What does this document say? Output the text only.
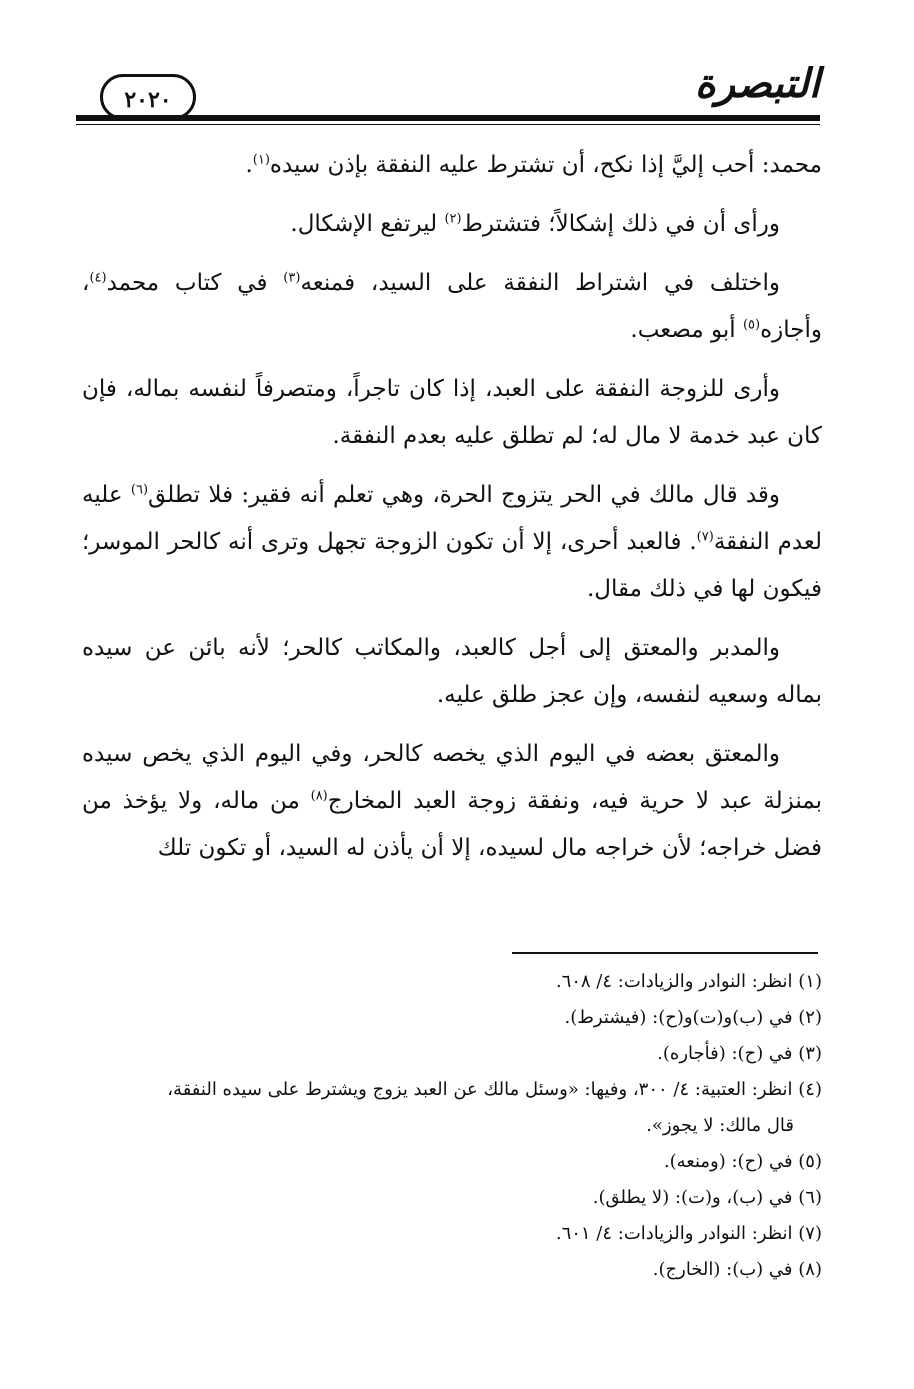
التبصرة
٢٠٢٠

محمد: أحب إليَّ إذا نكح، أن تشترط عليه النفقة بإذن سيده$^{(١)}$.

ورأى أن في ذلك إشكالاً؛ فتشترط$^{(٢)}$ ليرتفع الإشكال.

واختلف في اشتراط النفقة على السيد، فمنعه$^{(٣)}$ في كتاب محمد$^{(٤)}$، وأجازه$^{(٥)}$ أبو مصعب.

وأرى للزوجة النفقة على العبد، إذا كان تاجراً، ومتصرفاً لنفسه بماله، فإن كان عبد خدمة لا مال له؛ لم تطلق عليه بعدم النفقة.

وقد قال مالك في الحر يتزوج الحرة، وهي تعلم أنه فقير: فلا تطلق$^{(٦)}$ عليه لعدم النفقة$^{(٧)}$. فالعبد أحرى، إلا أن تكون الزوجة تجهل وترى أنه كالحر الموسر؛ فيكون لها في ذلك مقال.

والمدبر والمعتق إلى أجل كالعبد، والمكاتب كالحر؛ لأنه بائن عن سيده بماله وسعيه لنفسه، وإن عجز طلق عليه.

والمعتق بعضه في اليوم الذي يخصه كالحر، وفي اليوم الذي يخص سيده بمنزلة عبد لا حرية فيه، ونفقة زوجة العبد المخارج$^{(٨)}$ من ماله، ولا يؤخذ من فضل خراجه؛ لأن خراجه مال لسيده، إلا أن يأذن له السيد، أو تكون تلك

(١) انظر: النوادر والزيادات: ٤/ ٦٠٨.

(٢) في (ب)و(ت)و(ح): (فيشترط).

(٣) في (ح): (فأجاره).

(٤) انظر: العتبية: ٤/ ٣٠٠، وفيها: «وسئل مالك عن العبد يزوج ويشترط على سيده النفقة،

قال مالك: لا يجوز».

(٥) في (ح): (ومنعه).

(٦) في (ب)، و(ت): (لا يطلق).

(٧) انظر: النوادر والزيادات: ٤/ ٦٠١.

(٨) في (ب): (الخارج).
